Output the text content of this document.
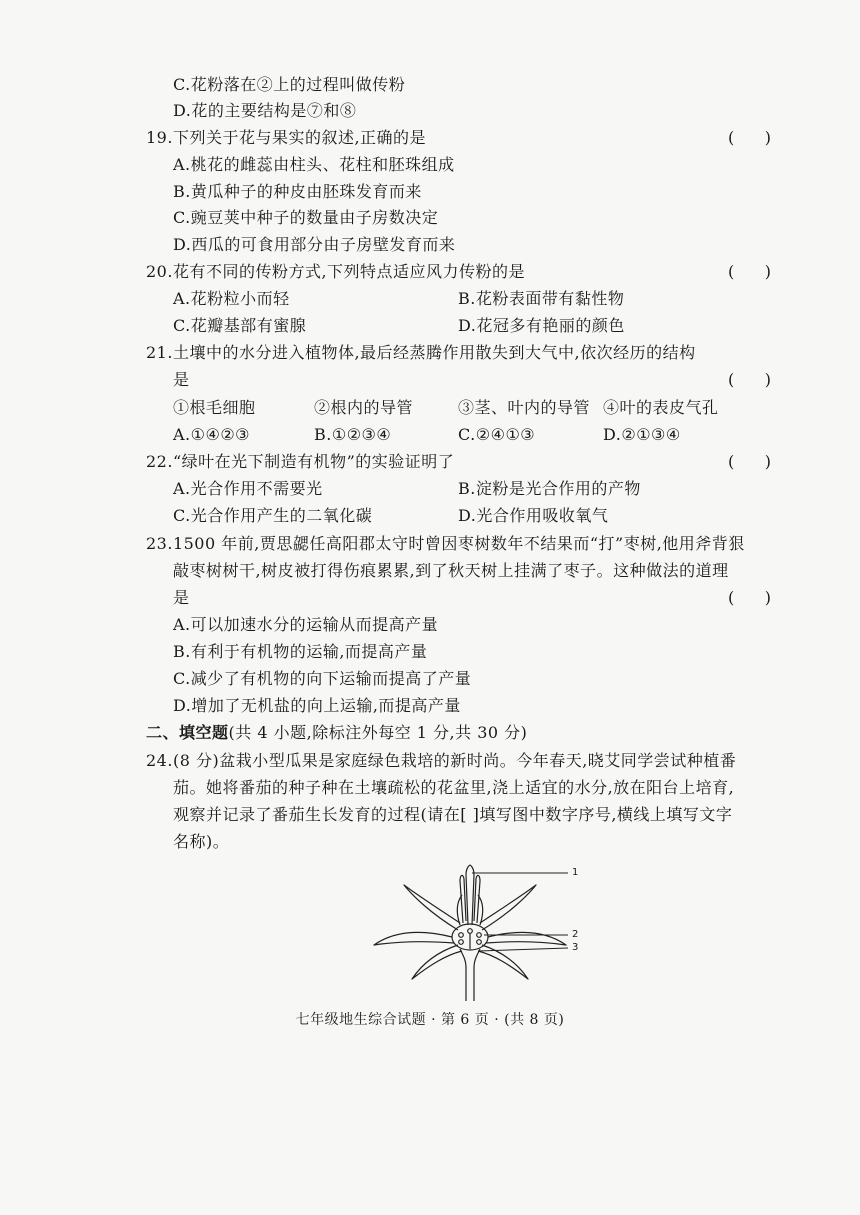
C.花粉落在②上的过程叫做传粉
D.花的主要结构是⑦和⑧
19.下列关于花与果实的叙述,正确的是	(      )
A.桃花的雌蕊由柱头、花柱和胚珠组成
B.黄瓜种子的种皮由胚珠发育而来
C.豌豆荚中种子的数量由子房数决定
D.西瓜的可食用部分由子房壁发育而来
20.花有不同的传粉方式,下列特点适应风力传粉的是	(      )
A.花粉粒小而轻	B.花粉表面带有黏性物
C.花瓣基部有蜜腺	D.花冠多有艳丽的颜色
21.土壤中的水分进入植物体,最后经蒸腾作用散失到大气中,依次经历的结构
是	(      )
①根毛细胞	②根内的导管	③茎、叶内的导管 ④叶的表皮气孔
A.①④②③	B.①②③④	C.②④①③	D.②①③④
22.“绿叶在光下制造有机物”的实验证明了	(      )
A.光合作用不需要光	B.淀粉是光合作用的产物
C.光合作用产生的二氧化碳	D.光合作用吸收氧气
23.1500 年前,贾思勰任高阳郡太守时曾因枣树数年不结果而“打”枣树,他用斧背狠
敲枣树树干,树皮被打得伤痕累累,到了秋天树上挂满了枣子。这种做法的道理
是	(      )
A.可以加速水分的运输从而提高产量
B.有利于有机物的运输,而提高产量
C.减少了有机物的向下运输而提高了产量
D.增加了无机盐的向上运输,而提高产量
二、填空题(共 4 小题,除标注外每空 1 分,共 30 分)
24.(8 分)盆栽小型瓜果是家庭绿色栽培的新时尚。今年春天,晓艾同学尝试种植番
茄。她将番茄的种子种在土壤疏松的花盆里,浇上适宜的水分,放在阳台上培育,
观察并记录了番茄生长发育的过程(请在[ ]填写图中数字序号,横线上填写文字
名称)。
1
2
3
七年级地生综合试题 · 第 6 页 · (共 8 页)
